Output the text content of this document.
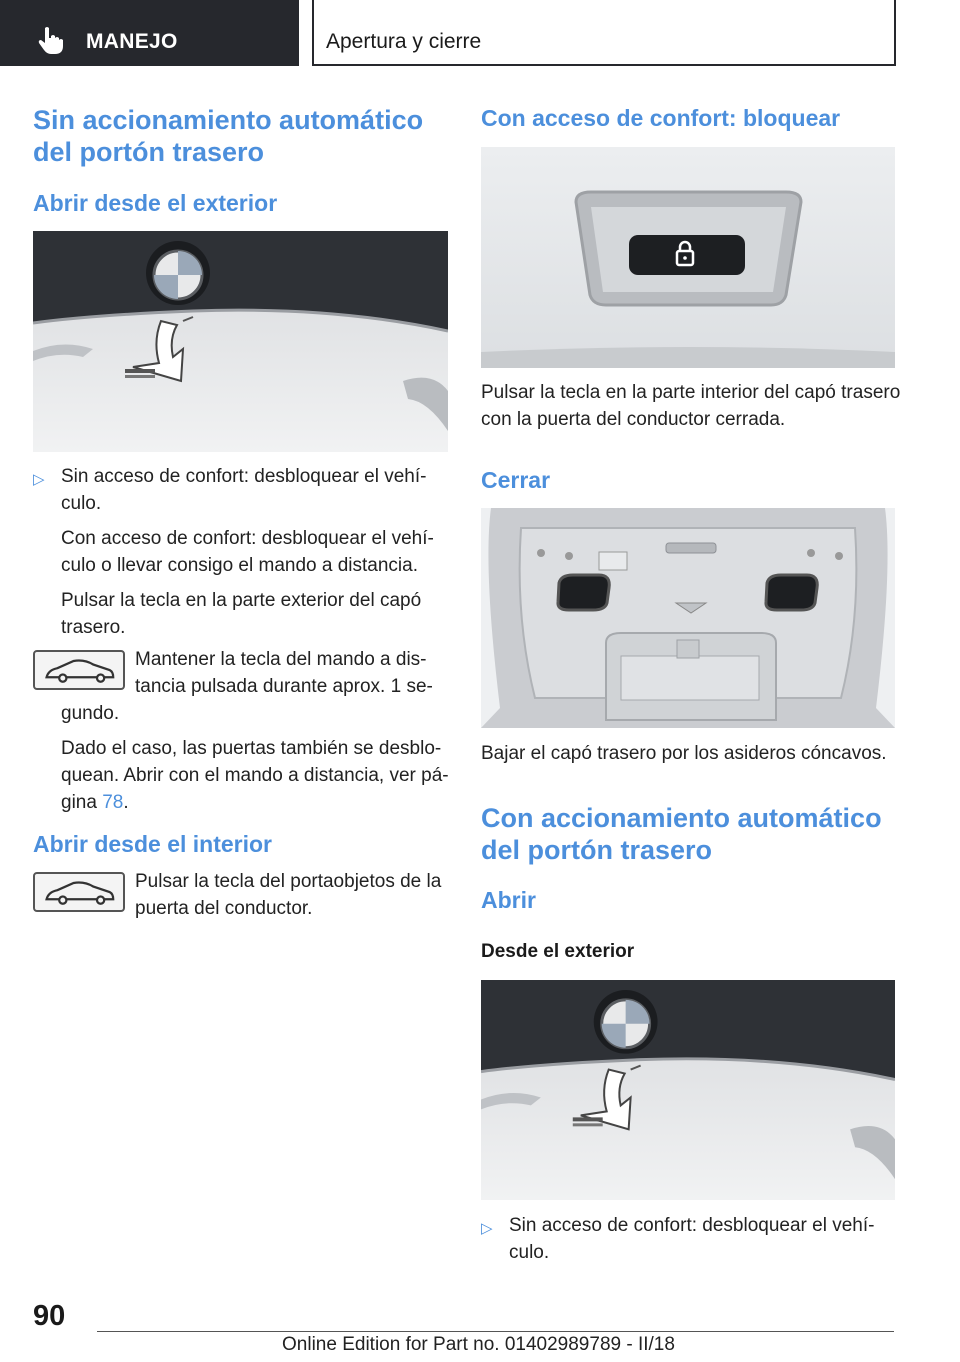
MANEJO	Apertura y cierre
Sin accionamiento automático
del portón trasero
Abrir desde el exterior
▷ Sin acceso de confort: desbloquear el vehí‐
culo.
Con acceso de confort: desbloquear el vehí‐
culo o llevar consigo el mando a distancia.
Pulsar la tecla en la parte exterior del capó
trasero.
Mantener la tecla del mando a dis‐
tancia pulsada durante aprox. 1 se‐
gundo.
Dado el caso, las puertas también se desblo‐
quean. Abrir con el mando a distancia, ver pá‐
gina 78.
Abrir desde el interior
Pulsar la tecla del portaobjetos de la
puerta del conductor.
Con acceso de confort: bloquear
Pulsar la tecla en la parte interior del capó trasero
con la puerta del conductor cerrada.
Cerrar
Bajar el capó trasero por los asideros cóncavos.
Con accionamiento automático
del portón trasero
Abrir
Desde el exterior
▷ Sin acceso de confort: desbloquear el vehí‐
culo.
90
Online Edition for Part no. 01402989789 - II/18
